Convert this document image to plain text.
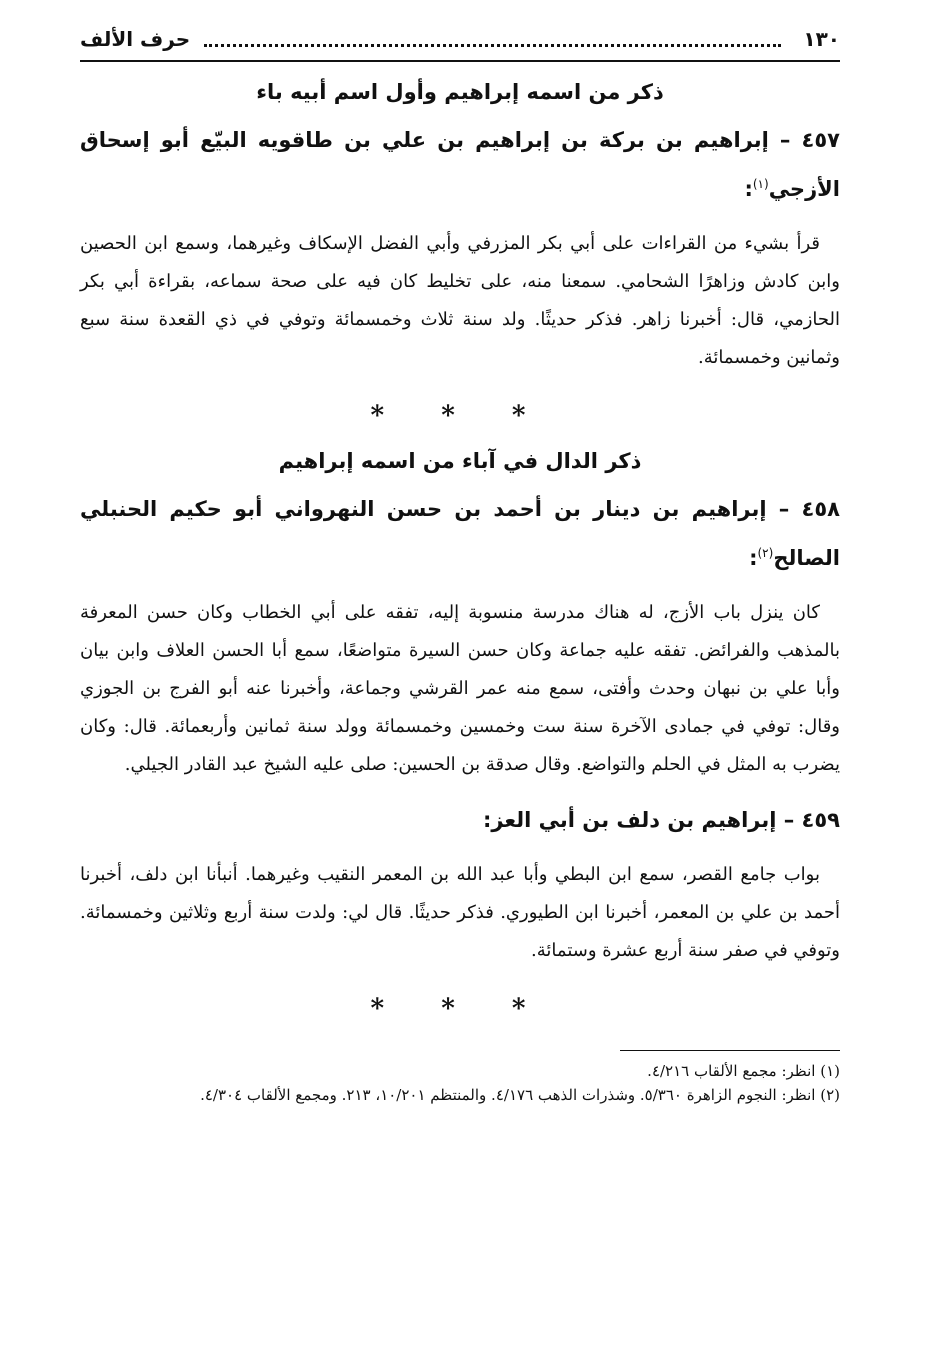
١٣٠
حرف الألف
ذكر من اسمه إبراهيم وأول اسم أبيه باء
٤٥٧ – إبراهيم بن بركة بن إبراهيم بن علي بن طاقويه البيّع أبو إسحاق الأزجي$^{(١)}$:

قرأ بشيء من القراءات على أبي بكر المزرفي وأبي الفضل الإسكاف وغيرهما، وسمع ابن الحصين وابن كادش وزاهرًا الشحامي. سمعنا منه، على تخليط كان فيه على صحة سماعه، بقراءة أبي بكر الحازمي، قال: أخبرنا زاهر. فذكر حديثًا. ولد سنة ثلاث وخمسمائة وتوفي في ذي القعدة سنة سبع وثمانين وخمسمائة.

* * *
ذكر الدال في آباء من اسمه إبراهيم
٤٥٨ – إبراهيم بن دينار بن أحمد بن حسن النهرواني أبو حكيم الحنبلي الصالح$^{(٢)}$:

كان ينزل باب الأزج، له هناك مدرسة منسوبة إليه، تفقه على أبي الخطاب وكان حسن المعرفة بالمذهب والفرائض. تفقه عليه جماعة وكان حسن السيرة متواضعًا، سمع أبا الحسن العلاف وابن بيان وأبا علي بن نبهان وحدث وأفتى، سمع منه عمر القرشي وجماعة، وأخبرنا عنه أبو الفرج بن الجوزي وقال: توفي في جمادى الآخرة سنة ست وخمسين وخمسمائة وولد سنة ثمانين وأربعمائة. قال: وكان يضرب به المثل في الحلم والتواضع. وقال صدقة بن الحسين: صلى عليه الشيخ عبد القادر الجيلي.

٤٥٩ – إبراهيم بن دلف بن أبي العز:

بواب جامع القصر، سمع ابن البطي وأبا عبد الله بن المعمر النقيب وغيرهما. أنبأنا ابن دلف، أخبرنا أحمد بن علي بن المعمر، أخبرنا ابن الطيوري. فذكر حديثًا. قال لي: ولدت سنة أربع وثلاثين وخمسمائة. وتوفي في صفر سنة أربع عشرة وستمائة.

* * *
(١) انظر: مجمع الألقاب ٤/٢١٦.
(٢) انظر: النجوم الزاهرة ٥/٣٦٠. وشذرات الذهب ٤/١٧٦. والمنتظم ١٠/٢٠١، ٢١٣. ومجمع الألقاب ٤/٣٠٤.
